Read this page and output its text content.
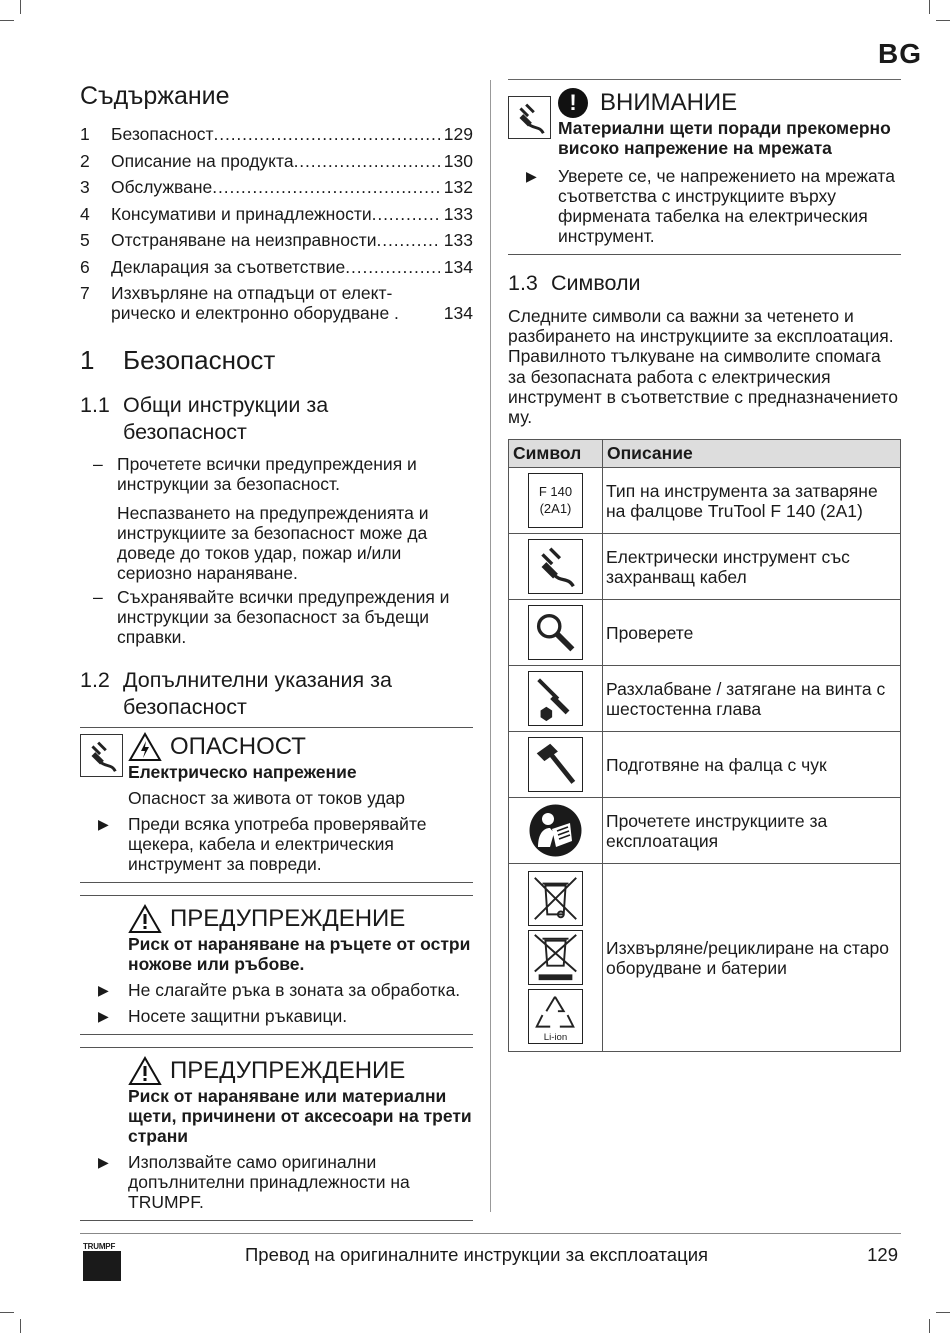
BG
Съдържание
1	Безопасност . . .	129
2	Описание на продукта . . .	130
3	Обслужване . . .	132
4	Консумативи и принадлежности . . .	133
5	Отстраняване на неизправности . . .	133
6	Декларация за съответствие . . .	134
7	Изхвърляне на отпадъци от елект-
рическо и електронно оборудване .	134
1	Безопасност
1.1 Общи инструкции за
безопасност
– Прочетете всички предупреждения и инструкции за безопасност.
Неспазването на предупрежденията и инструкциите за безопасност може да доведе до токов удар, пожар и/или сериозно нараняване.
– Съхранявайте всички предупреждения и инструкции за безопасност за бъдещи справки.
1.2 Допълнителни указания за
безопасност
ОПАСНОСТ
Електрическо напрежение
Опасност за живота от токов удар
▶	Преди всяка употреба проверявайте щекера, кабела и електрическия инструмент за повреди.
ПРЕДУПРЕЖДЕНИЕ
Риск от нараняване на ръцете от остри ножове или ръбове.
▶	Не слагайте ръка в зоната за обработка.
▶	Носете защитни ръкавици.
ПРЕДУПРЕЖДЕНИЕ
Риск от нараняване или материални щети, причинени от аксесоари на трети страни
▶	Използвайте само оригинални допълнителни принадлежности на TRUMPF.
! ВНИМАНИЕ
Материални щети поради прекомерно високо напрежение на мрежата
▶	Уверете се, че напрежението на мрежата съответства с инструкциите върху фирмената табелка на електрическия инструмент.
1.3 Символи
Следните символи са важни за четенето и разбирането на инструкциите за експлоатация. Правилното тълкуване на символите спомага за безопасната работа с електрическия инструмент в съответствие с предназначението му.
Символ	Описание
F 140
(2A1)	Тип на инструмента за затваряне на фалцове TruTool F 140 (2A1)

	Електрически инструмент със захранващ кабел

	Проверете

	Разхлабване / затягане на винта с шестостенна глава

	Подготвяне на фалца с чук

	Прочетете инструкциите за експлоатация

Li-ion	Изхвърляне/рециклиране на старо оборудване и батерии
TRUMPF	Превод на оригиналните инструкции за експлоатация	129
